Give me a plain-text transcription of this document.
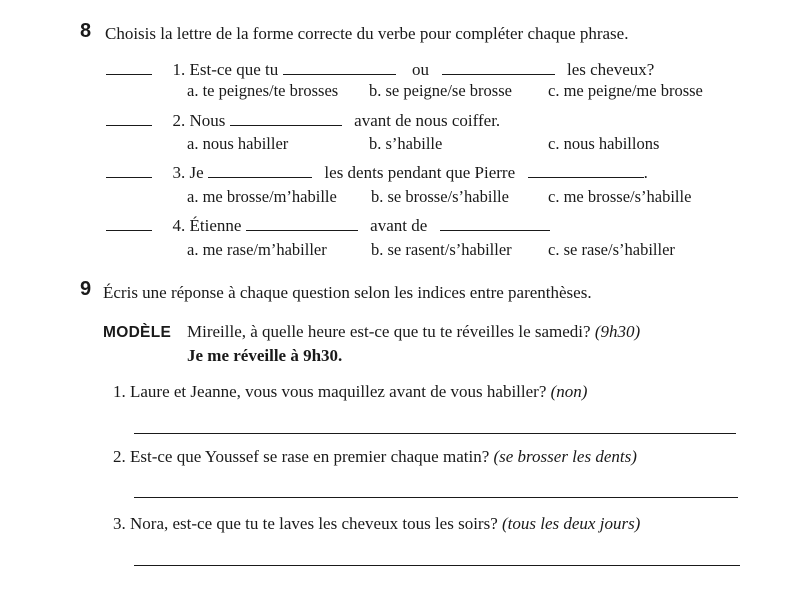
8 Choisis la lettre de la forme correcte du verbe pour compléter chaque phrase.
1. Est-ce que tu	ou	les cheveux?
a. te peignes/te brosses b. se peigne/se brosse c. me peigne/me brosse
2. Nous	avant de nous coiffer.
a. nous habiller	b. s’habille	c. nous habillons
3. Je	les dents pendant que Pierre	.
a. me brosse/m’habille b. se brosse/s’habille c. me brosse/s’habille
4. Étienne	avant de
a. me rase/m’habiller	b. se rasent/s’habiller c. se rase/s’habiller
9 Écris une réponse à chaque question selon les indices entre parenthèses.
MODÈLE Mireille, à quelle heure est-ce que tu te réveilles le samedi? (9h30)
Je me réveille à 9h30.
1. Laure et Jeanne, vous vous maquillez avant de vous habiller? (non)
2. Est-ce que Youssef se rase en premier chaque matin? (se brosser les dents)
3. Nora, est-ce que tu te laves les cheveux tous les soirs? (tous les deux jours)
